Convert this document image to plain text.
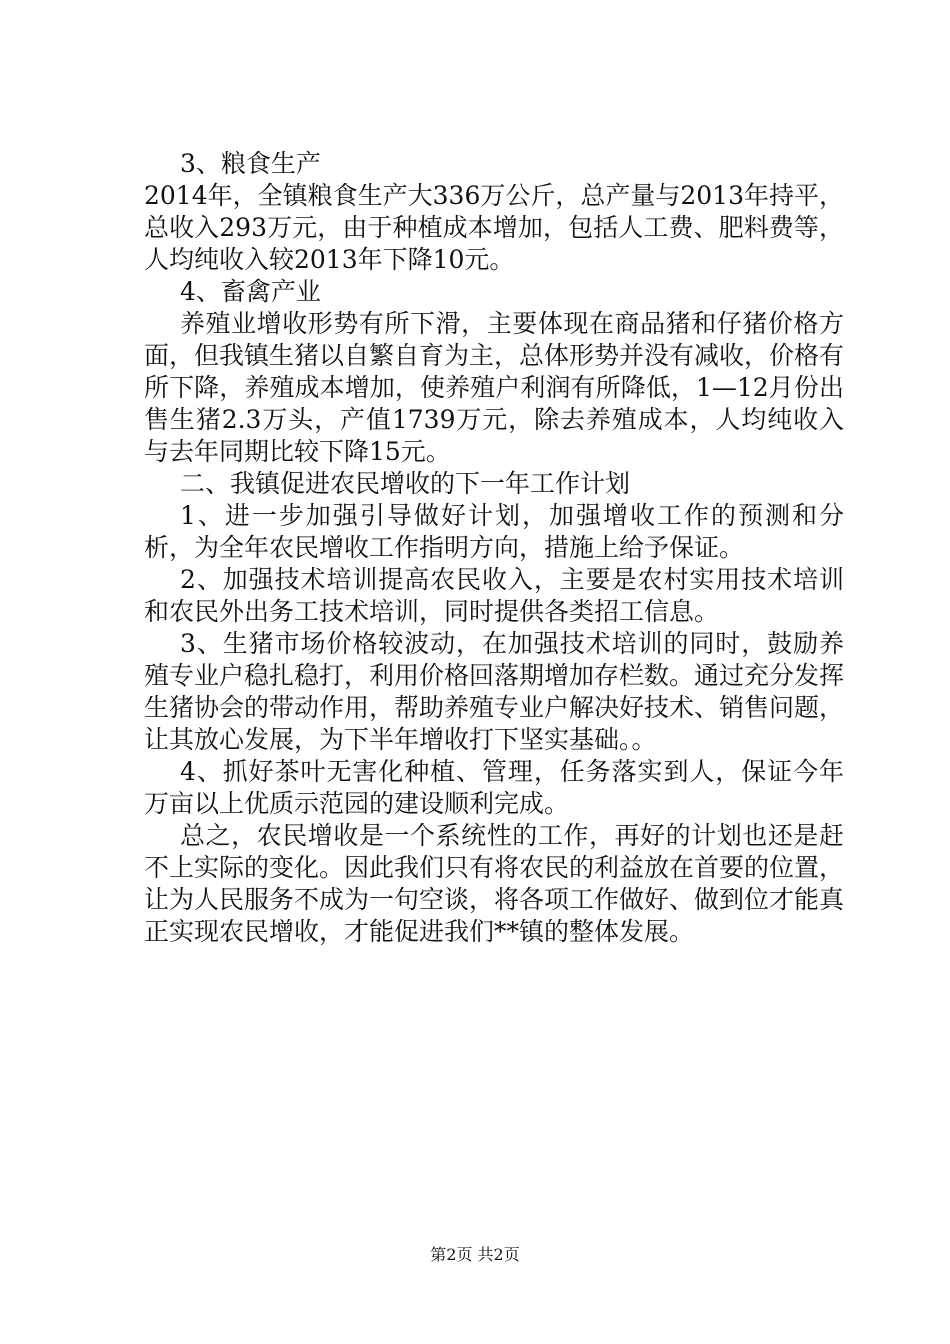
3、粮食生产

2014年，全镇粮食生产大336万公斤，总产量与2013年持平，总收入293万元，由于种植成本增加，包括人工费、肥料费等，人均纯收入较2013年下降10元。

4、畜禽产业

养殖业增收形势有所下滑，主要体现在商品猪和仔猪价格方面，但我镇生猪以自繁自育为主，总体形势并没有减收，价格有所下降，养殖成本增加，使养殖户利润有所降低，1—12月份出售生猪2.3万头，产值1739万元，除去养殖成本，人均纯收入与去年同期比较下降15元。

二、我镇促进农民增收的下一年工作计划

1、进一步加强引导做好计划，加强增收工作的预测和分析，为全年农民增收工作指明方向，措施上给予保证。

2、加强技术培训提高农民收入，主要是农村实用技术培训和农民外出务工技术培训，同时提供各类招工信息。

3、生猪市场价格较波动，在加强技术培训的同时，鼓励养殖专业户稳扎稳打，利用价格回落期增加存栏数。通过充分发挥生猪协会的带动作用，帮助养殖专业户解决好技术、销售问题，让其放心发展，为下半年增收打下坚实基础。。

4、抓好茶叶无害化种植、管理，任务落实到人，保证今年万亩以上优质示范园的建设顺利完成。

总之，农民增收是一个系统性的工作，再好的计划也还是赶不上实际的变化。因此我们只有将农民的利益放在首要的位置，让为人民服务不成为一句空谈，将各项工作做好、做到位才能真正实现农民增收，才能促进我们**镇的整体发展。

第2页 共2页
